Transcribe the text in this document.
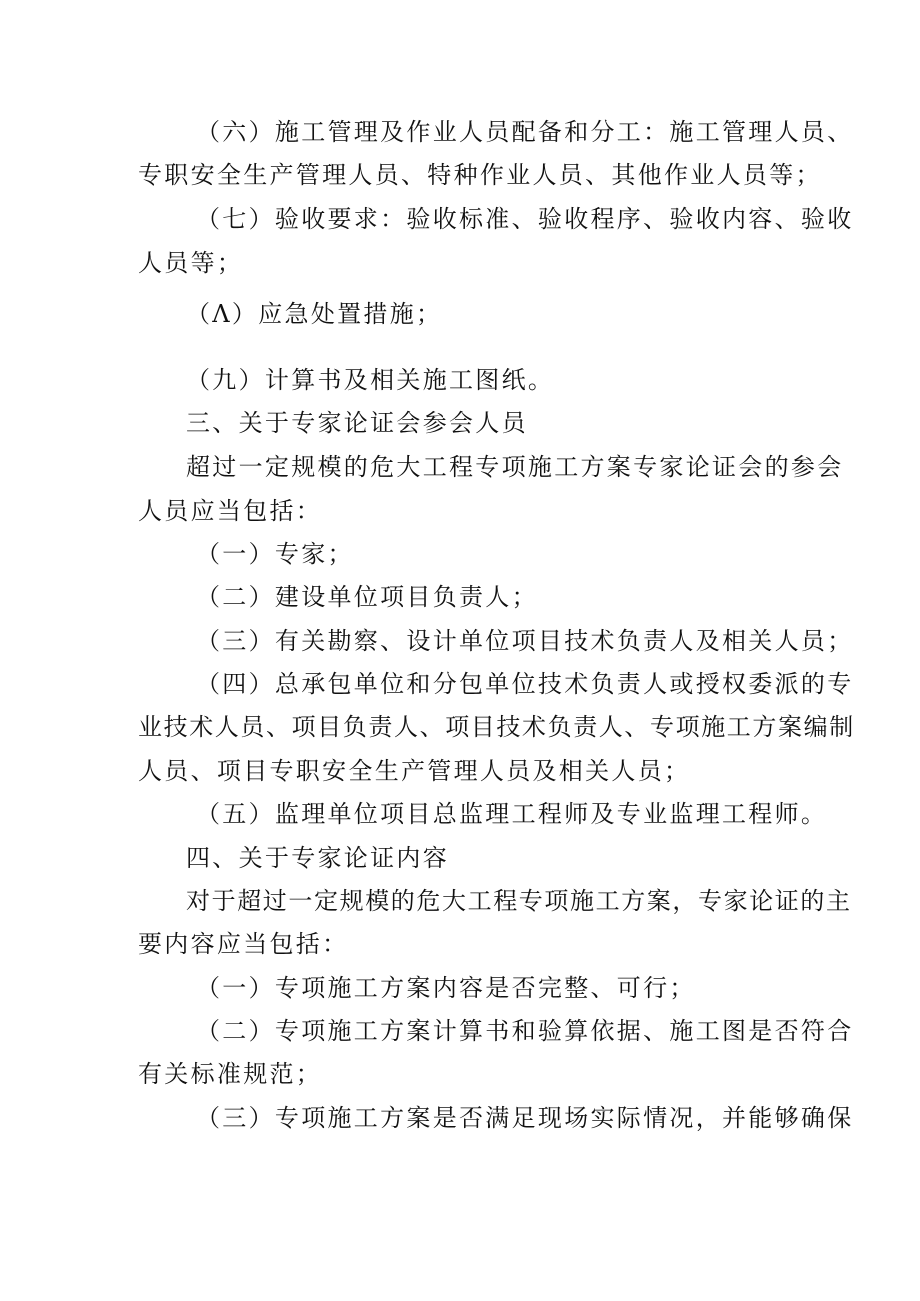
（六）施工管理及作业人员配备和分工：施工管理人员、
专职安全生产管理人员、特种作业人员、其他作业人员等；
（七）验收要求：验收标准、验收程序、验收内容、验收
人员等；
（Λ）应急处置措施；
（九）计算书及相关施工图纸。
三、关于专家论证会参会人员
超过一定规模的危大工程专项施工方案专家论证会的参会
人员应当包括：
（一）专家；
（二）建设单位项目负责人；
（三）有关勘察、设计单位项目技术负责人及相关人员；
（四）总承包单位和分包单位技术负责人或授权委派的专
业技术人员、项目负责人、项目技术负责人、专项施工方案编制
人员、项目专职安全生产管理人员及相关人员；
（五）监理单位项目总监理工程师及专业监理工程师。
四、关于专家论证内容
对于超过一定规模的危大工程专项施工方案，专家论证的主
要内容应当包括：
（一）专项施工方案内容是否完整、可行；
（二）专项施工方案计算书和验算依据、施工图是否符合
有关标准规范；
（三）专项施工方案是否满足现场实际情况，并能够确保
